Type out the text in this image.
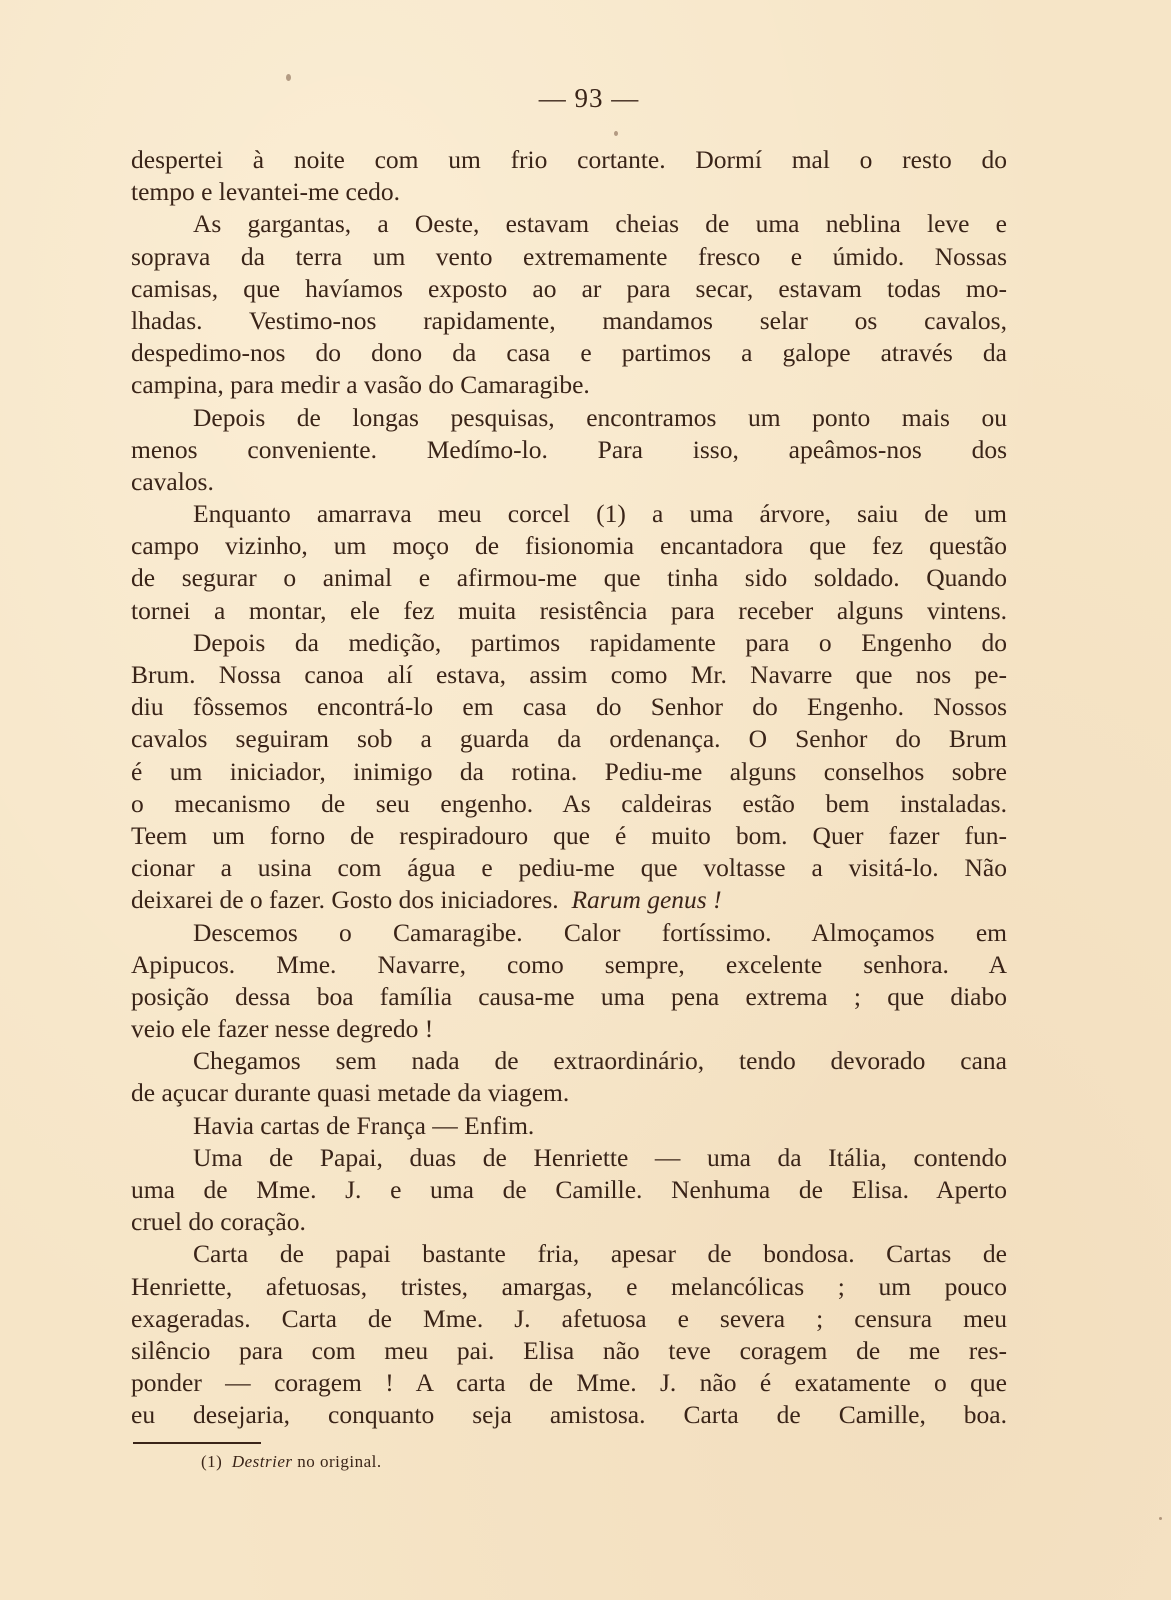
— 93 —
despertei à noite com um frio cortante. Dormí mal o resto do
tempo e levantei-me cedo.
As gargantas, a Oeste, estavam cheias de uma neblina leve e
soprava da terra um vento extremamente fresco e úmido. Nossas
camisas, que havíamos exposto ao ar para secar, estavam todas mo-
lhadas. Vestimo-nos rapidamente, mandamos selar os cavalos,
despedimo-nos do dono da casa e partimos a galope através da
campina, para medir a vasão do Camaragibe.
Depois de longas pesquisas, encontramos um ponto mais ou
menos conveniente. Medímo-lo. Para isso, apeâmos-nos dos
cavalos.
Enquanto amarrava meu corcel (1) a uma árvore, saiu de um
campo vizinho, um moço de fisionomia encantadora que fez questão
de segurar o animal e afirmou-me que tinha sido soldado. Quando
tornei a montar, ele fez muita resistência para receber alguns vintens.
Depois da medição, partimos rapidamente para o Engenho do
Brum. Nossa canoa alí estava, assim como Mr. Navarre que nos pe-
diu fôssemos encontrá-lo em casa do Senhor do Engenho. Nossos
cavalos seguiram sob a guarda da ordenança. O Senhor do Brum
é um iniciador, inimigo da rotina. Pediu-me alguns conselhos sobre
o mecanismo de seu engenho. As caldeiras estão bem instaladas.
Teem um forno de respiradouro que é muito bom. Quer fazer fun-
cionar a usina com água e pediu-me que voltasse a visitá-lo. Não
deixarei de o fazer. Gosto dos iniciadores. Rarum genus !
Descemos o Camaragibe. Calor fortíssimo. Almoçamos em
Apipucos. Mme. Navarre, como sempre, excelente senhora. A
posição dessa boa família causa-me uma pena extrema ; que diabo
veio ele fazer nesse degredo !
Chegamos sem nada de extraordinário, tendo devorado cana
de açucar durante quasi metade da viagem.
Havia cartas de França — Enfim.
Uma de Papai, duas de Henriette — uma da Itália, contendo
uma de Mme. J. e uma de Camille. Nenhuma de Elisa. Aperto
cruel do coração.
Carta de papai bastante fria, apesar de bondosa. Cartas de
Henriette, afetuosas, tristes, amargas, e melancólicas ; um pouco
exageradas. Carta de Mme. J. afetuosa e severa ; censura meu
silêncio para com meu pai. Elisa não teve coragem de me res-
ponder — coragem ! A carta de Mme. J. não é exatamente o que
eu desejaria, conquanto seja amistosa. Carta de Camille, boa.
(1) Destrier no original.
